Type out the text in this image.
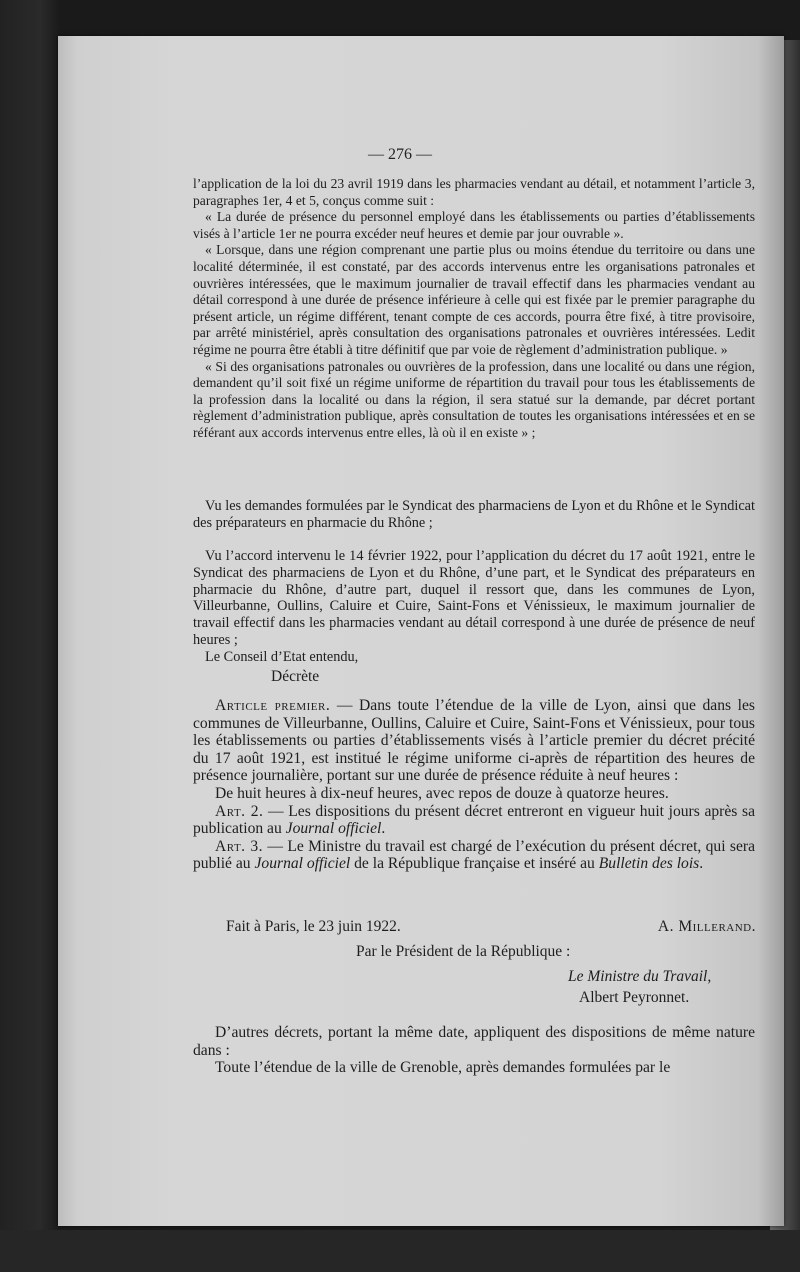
— 276 —

l’application de la loi du 23 avril 1919 dans les pharmacies vendant au détail, et notamment l’article 3, paragraphes 1er, 4 et 5, conçus comme suit :

« La durée de présence du personnel employé dans les établissements ou parties d’établissements visés à l’article 1er ne pourra excéder neuf heures et demie par jour ouvrable ».

« Lorsque, dans une région comprenant une partie plus ou moins étendue du territoire ou dans une localité déterminée, il est constaté, par des accords intervenus entre les organisations patronales et ouvrières intéressées, que le maximum journalier de travail effectif dans les pharmacies vendant au détail correspond à une durée de présence inférieure à celle qui est fixée par le premier paragraphe du présent article, un régime différent, tenant compte de ces accords, pourra être fixé, à titre provisoire, par arrêté ministériel, après consultation des organisations patronales et ouvrières intéressées. Ledit régime ne pourra être établi à titre définitif que par voie de règlement d’administration publique. »

« Si des organisations patronales ou ouvrières de la profession, dans une localité ou dans une région, demandent qu’il soit fixé un régime uniforme de répartition du travail pour tous les établissements de la profession dans la localité ou dans la région, il sera statué sur la demande, par décret portant règlement d’administration publique, après consultation de toutes les organisations intéressées et en se référant aux accords intervenus entre elles, là où il en existe » ;

Vu les demandes formulées par le Syndicat des pharmaciens de Lyon et du Rhône et le Syndicat des préparateurs en pharmacie du Rhône ;

Vu l’accord intervenu le 14 février 1922, pour l’application du décret du 17 août 1921, entre le Syndicat des pharmaciens de Lyon et du Rhône, d’une part, et le Syndicat des préparateurs en pharmacie du Rhône, d’autre part, duquel il ressort que, dans les communes de Lyon, Villeurbanne, Oullins, Caluire et Cuire, Saint-Fons et Vénissieux, le maximum journalier de travail effectif dans les pharmacies vendant au détail correspond à une durée de présence de neuf heures ;

Le Conseil d’Etat entendu,

Décrète

Article premier. — Dans toute l’étendue de la ville de Lyon, ainsi que dans les communes de Villeurbanne, Oullins, Caluire et Cuire, Saint-Fons et Vénissieux, pour tous les établissements ou parties d’établissements visés à l’article premier du décret précité du 17 août 1921, est institué le régime uniforme ci-après de répartition des heures de présence journalière, portant sur une durée de présence réduite à neuf heures :

De huit heures à dix-neuf heures, avec repos de douze à quatorze heures.

Art. 2. — Les dispositions du présent décret entreront en vigueur huit jours après sa publication au Journal officiel.

Art. 3. — Le Ministre du travail est chargé de l’exécution du présent décret, qui sera publié au Journal officiel de la République française et inséré au Bulletin des lois.

Fait à Paris, le 23 juin 1922.	A. Millerand.
Par le Président de la République :
Le Ministre du Travail,
Albert Peyronnet.

D’autres décrets, portant la même date, appliquent des dispositions de même nature dans :

Toute l’étendue de la ville de Grenoble, après demandes formulées par le
